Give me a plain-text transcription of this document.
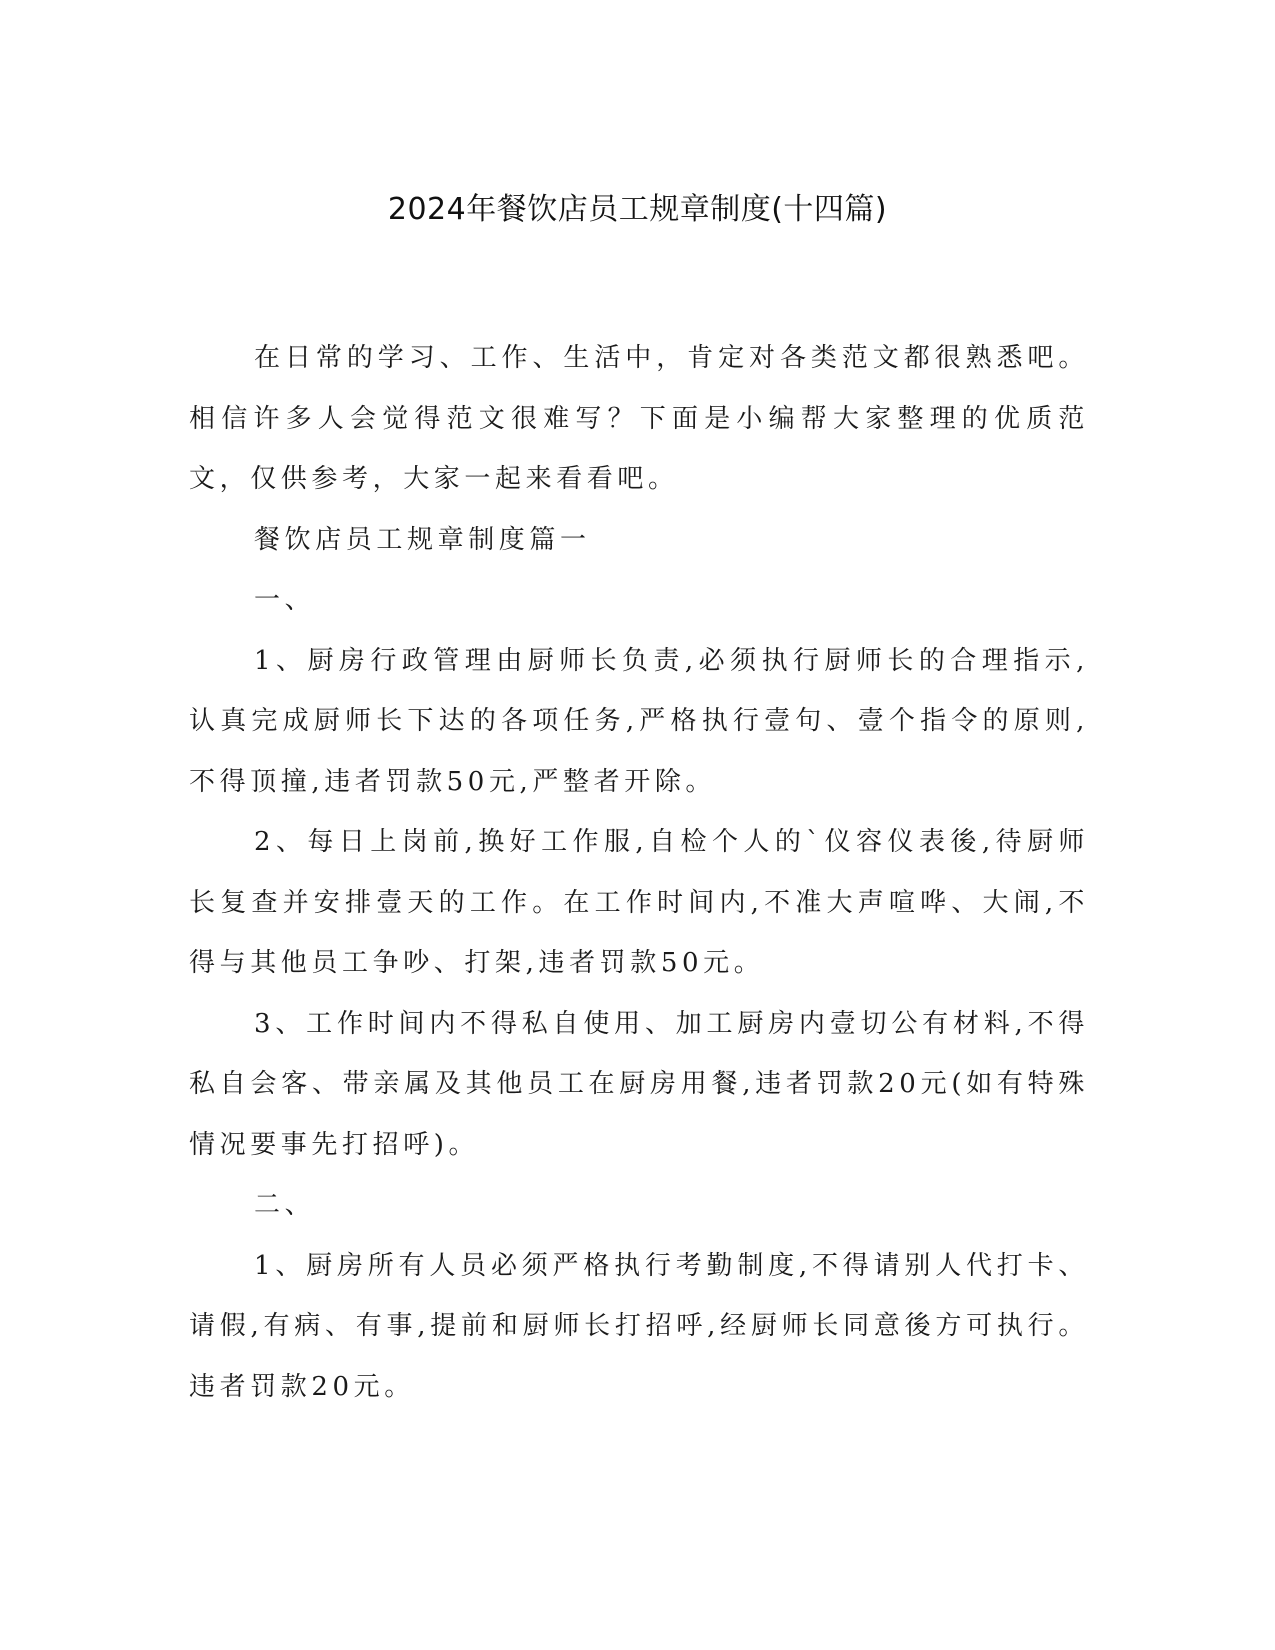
2024年餐饮店员工规章制度(十四篇)

在日常的学习、工作、生活中，肯定对各类范文都很熟悉吧。相信许多人会觉得范文很难写？下面是小编帮大家整理的优质范文，仅供参考，大家一起来看看吧。

餐饮店员工规章制度篇一

一、

1、厨房行政管理由厨师长负责,必须执行厨师长的合理指示,认真完成厨师长下达的各项任务,严格执行壹句、壹个指令的原则,不得顶撞,违者罚款50元,严整者开除。

2、每日上岗前,换好工作服,自检个人的`仪容仪表後,待厨师长复查并安排壹天的工作。在工作时间内,不准大声喧哗、大闹,不得与其他员工争吵、打架,违者罚款50元。

3、工作时间内不得私自使用、加工厨房内壹切公有材料,不得私自会客、带亲属及其他员工在厨房用餐,违者罚款20元(如有特殊情况要事先打招呼)。

二、

1、厨房所有人员必须严格执行考勤制度,不得请别人代打卡、请假,有病、有事,提前和厨师长打招呼,经厨师长同意後方可执行。违者罚款20元。
